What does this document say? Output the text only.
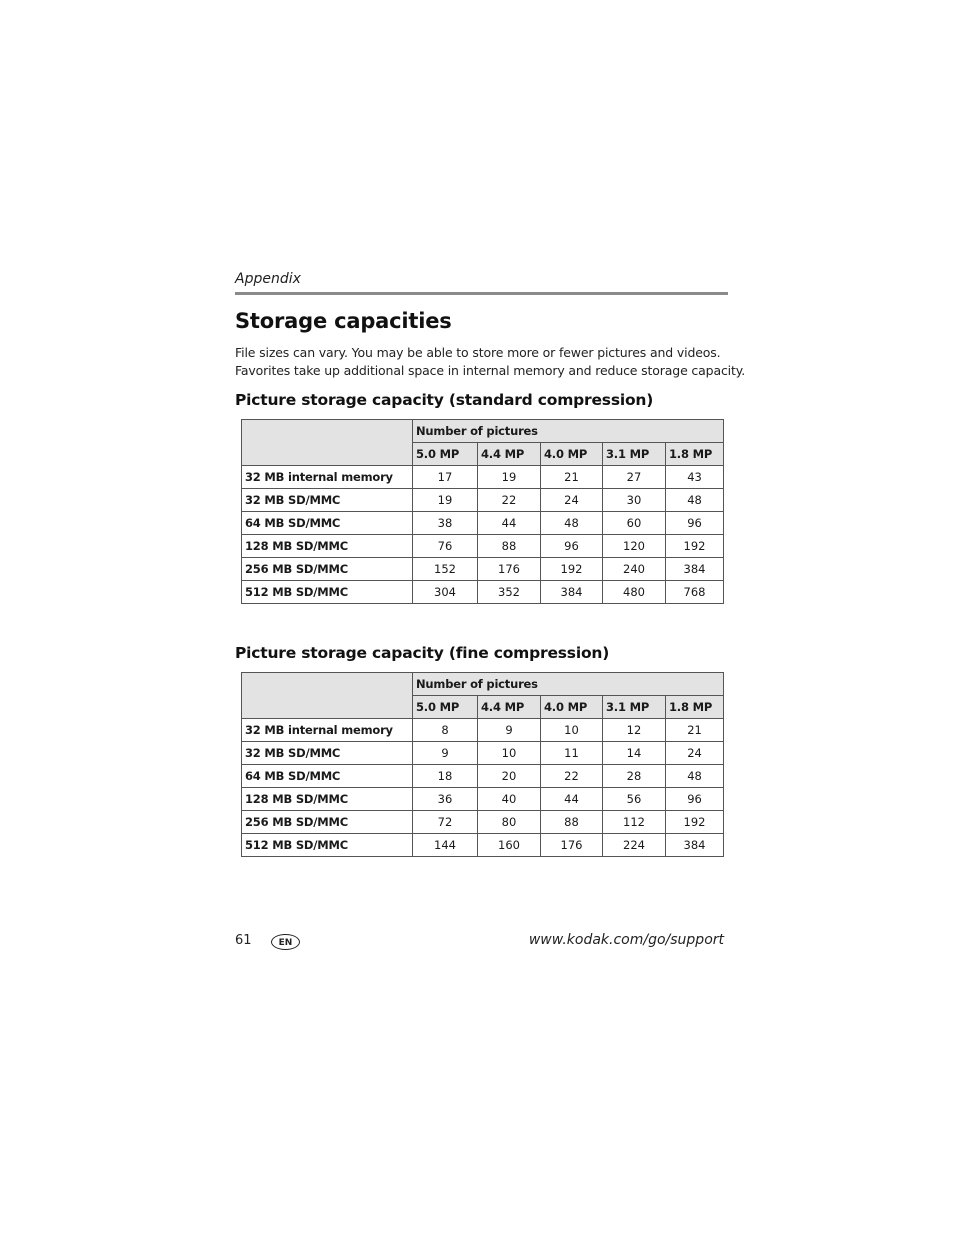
Appendix
Storage capacities
File sizes can vary. You may be able to store more or fewer pictures and videos.
Favorites take up additional space in internal memory and reduce storage capacity.
Picture storage capacity (standard compression)
	Number of pictures				
	5.0 MP	4.4 MP	4.0 MP	3.1 MP	1.8 MP
32 MB internal memory	17	19	21	27	43
32 MB SD/MMC	19	22	24	30	48
64 MB SD/MMC	38	44	48	60	96
128 MB SD/MMC	76	88	96	120	192
256 MB SD/MMC	152	176	192	240	384
512 MB SD/MMC	304	352	384	480	768
Picture storage capacity (fine compression)
	Number of pictures				
	5.0 MP	4.4 MP	4.0 MP	3.1 MP	1.8 MP
32 MB internal memory	8	9	10	12	21
32 MB SD/MMC	9	10	11	14	24
64 MB SD/MMC	18	20	22	28	48
128 MB SD/MMC	36	40	44	56	96
256 MB SD/MMC	72	80	88	112	192
512 MB SD/MMC	144	160	176	224	384
61	EN	www.kodak.com/go/support
